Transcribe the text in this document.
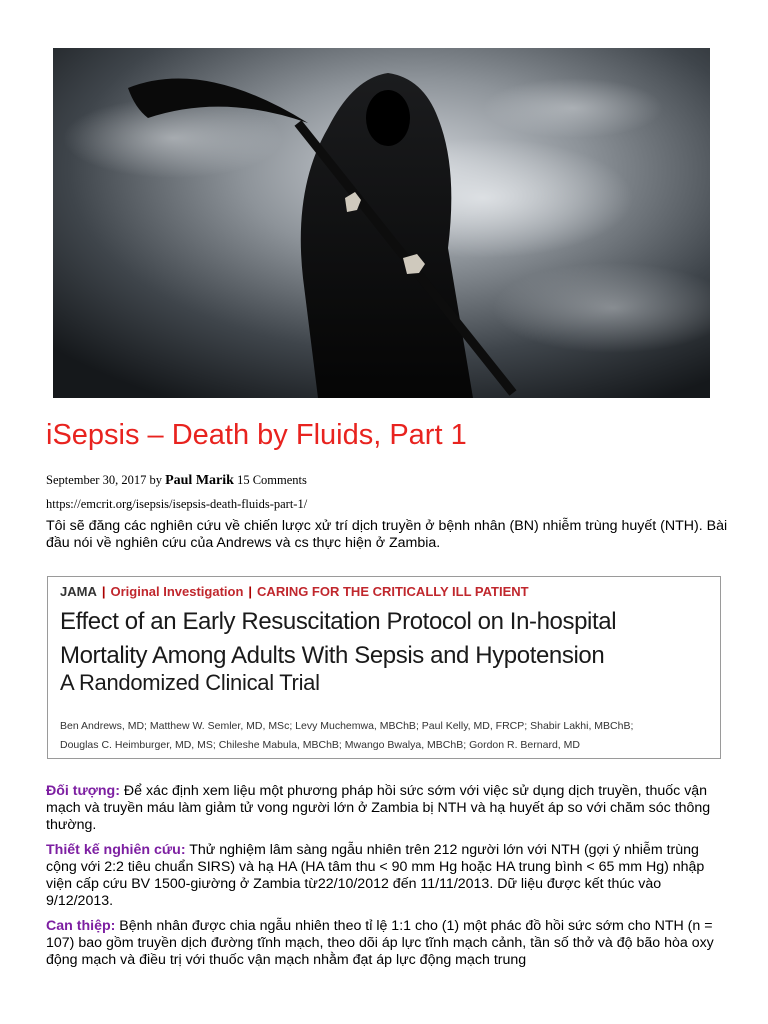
iSepsis – Death by Fluids, Part 1
September 30, 2017 by Paul Marik 15 Comments
https://emcrit.org/isepsis/isepsis-death-fluids-part-1/

Tôi sẽ đăng các nghiên cứu về chiến lược xử trí dịch truyền ở bệnh nhân (BN) nhiễm trùng huyết (NTH). Bài đầu nói về nghiên cứu của Andrews và cs thực hiện ở Zambia.

JAMA | Original Investigation | CARING FOR THE CRITICALLY ILL PATIENT
Effect of an Early Resuscitation Protocol on In-hospital
Mortality Among Adults With Sepsis and Hypotension
A Randomized Clinical Trial
Ben Andrews, MD; Matthew W. Semler, MD, MSc; Levy Muchemwa, MBChB; Paul Kelly, MD, FRCP; Shabir Lakhi, MBChB;
Douglas C. Heimburger, MD, MS; Chileshe Mabula, MBChB; Mwango Bwalya, MBChB; Gordon R. Bernard, MD

Đối tượng: Để xác định xem liệu một phương pháp hồi sức sớm với việc sử dụng dịch truyền, thuốc vận mạch và truyền máu làm giảm tử vong người lớn ở Zambia bị NTH và hạ huyết áp so với chăm sóc thông thường.

Thiết kế nghiên cứu: Thử nghiệm lâm sàng ngẫu nhiên trên 212 người lớn với NTH (gợi ý nhiễm trùng cộng với 2:2 tiêu chuẩn SIRS) và hạ HA (HA tâm thu < 90 mm Hg hoặc HA trung bình < 65 mm Hg) nhập viện cấp cứu BV 1500-giường ở Zambia từ22/10/2012 đến 11/11/2013. Dữ liệu được kết thúc vào 9/12/2013.

Can thiệp: Bệnh nhân được chia ngẫu nhiên theo tỉ lệ 1:1 cho (1) một phác đồ hồi sức sớm cho NTH (n = 107) bao gồm truyền dịch đường tĩnh mạch, theo dõi áp lực tĩnh mạch cảnh, tần số thở và độ bão hòa oxy động mạch và điều trị với thuốc vận mạch nhằm đạt áp lực động mạch trung
